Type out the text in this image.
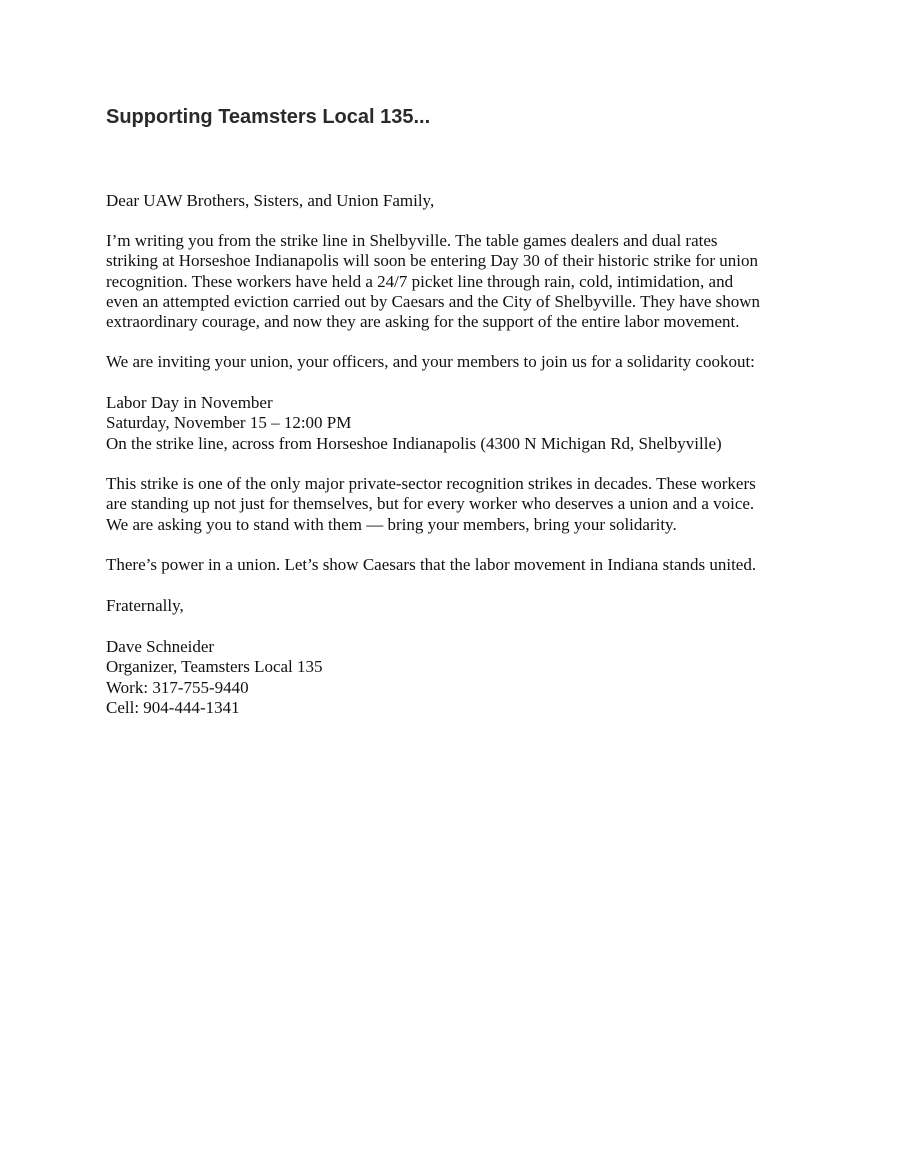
Supporting Teamsters Local 135...
Dear UAW Brothers, Sisters, and Union Family,
I’m writing you from the strike line in Shelbyville. The table games dealers and dual rates
striking at Horseshoe Indianapolis will soon be entering Day 30 of their historic strike for union
recognition. These workers have held a 24/7 picket line through rain, cold, intimidation, and
even an attempted eviction carried out by Caesars and the City of Shelbyville. They have shown
extraordinary courage, and now they are asking for the support of the entire labor movement.
We are inviting your union, your officers, and your members to join us for a solidarity cookout:
Labor Day in November
Saturday, November 15 – 12:00 PM
On the strike line, across from Horseshoe Indianapolis (4300 N Michigan Rd, Shelbyville)
This strike is one of the only major private-sector recognition strikes in decades. These workers
are standing up not just for themselves, but for every worker who deserves a union and a voice.
We are asking you to stand with them — bring your members, bring your solidarity.
There’s power in a union. Let’s show Caesars that the labor movement in Indiana stands united.
Fraternally,
Dave Schneider
Organizer, Teamsters Local 135
Work: 317-755-9440
Cell: 904-444-1341
